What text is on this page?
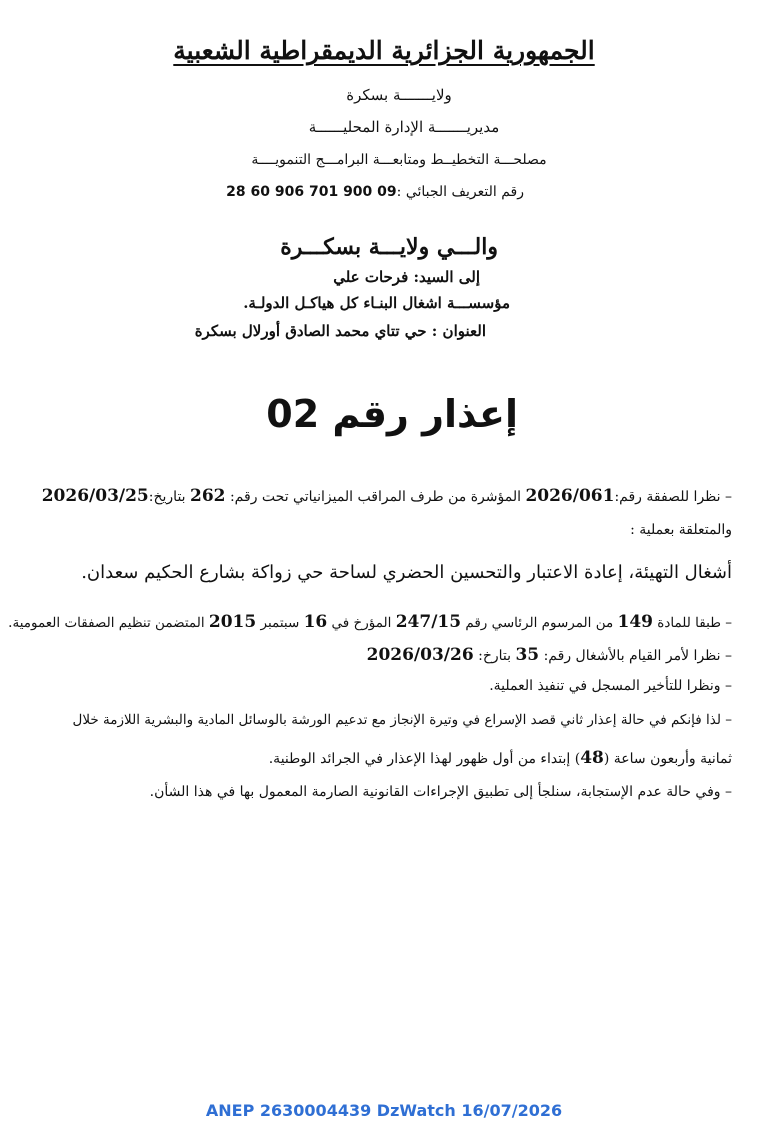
الجمهورية الجزائرية الديمقراطية الشعبية
ولايـــــــة بسكرة
مديريـــــــة الإدارة المحليــــــة
مصلحـــة التخطيــط ومتابعـــة البرامـــج التنمويــــة
رقم التعريف الجبائي :28 60 906 701 900 09
والـــي ولايـــة بسكـــرة
إلى السيد: فرحات علي
مؤسســـة اشغال البنـاء كل هياكـل الدولـة.
العنوان : حي تتاي محمد الصادق أورلال بسكرة
إعذار رقم 02
– نظرا للصفقة رقم:2026/061 المؤشرة من طرف المراقب الميزانياتي تحت رقم: 262 بتاريخ:2026/03/25
والمتعلقة بعملية :
أشغال التهيئة، إعادة الاعتبار والتحسين الحضري لساحة حي زواكة بشارع الحكيم سعدان.
– طبقا للمادة 149 من المرسوم الرئاسي رقم 247/15 المؤرخ في 16 سبتمبر 2015 المتضمن تنظيم الصفقات العمومية.
– نظرا لأمر القيام بالأشغال رقم: 35 بتارخ: 2026/03/26
– ونظرا للتأخير المسجل في تنفيذ العملية.
– لذا فإنكم في حالة إعذار ثاني قصد الإسراع في وتيرة الإنجاز مع تدعيم الورشة بالوسائل المادية والبشرية اللازمة خلال
ثمانية وأربعون ساعة (48) إبتداء من أول ظهور لهذا الإعذار في الجرائد الوطنية.
– وفي حالة عدم الإستجابة، سنلجأ إلى تطبيق الإجراءات القانونية الصارمة المعمول بها في هذا الشأن.
ANEP 2630004439 DzWatch 16/07/2026
